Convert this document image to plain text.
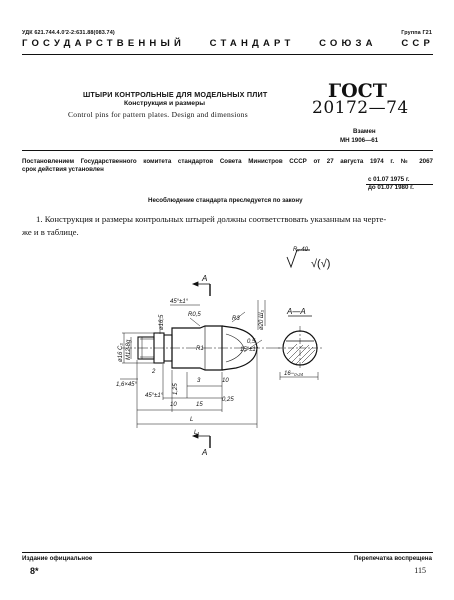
УДК 621.744.4.0′2-2:631.88(083.74)	Группа Г21
ГОСУДАРСТВЕННЫЙ СТАНДАРТ СОЮЗА ССР
ШТЫРИ КОНТРОЛЬНЫЕ ДЛЯ МОДЕЛЬНЫХ ПЛИТ
Конструкция и размеры
Control pins for pattern plates. Design and dimensions
ГОСТ
20172—74
Взамен
МН 1906—61
Постановлением Государственного комитета стандартов Совета Министров СССР от 27 августа 1974 г. № 2067
срок действия установлен
с 01.07 1975 г.
до 01.07 1980 г.
Несоблюдение стандарта преследуется по закону
1. Конструкция и размеры контрольных штырей должны соответствовать указанным на черте-
же и в таблице.
Rₓ 40
√(√)
А
А
А—А
45°±1°
R0,5
R3
15°±1°
R1
ø16,5	ø20 Ш₃
ø16 C₃ M12-8g
1,6×45°
45°±1°
3	10
10	15
L
L₁
1,25
16−₀,₂₄
2
0,25
0,5
Издание официальное	Перепечатка воспрещена
8*	115
